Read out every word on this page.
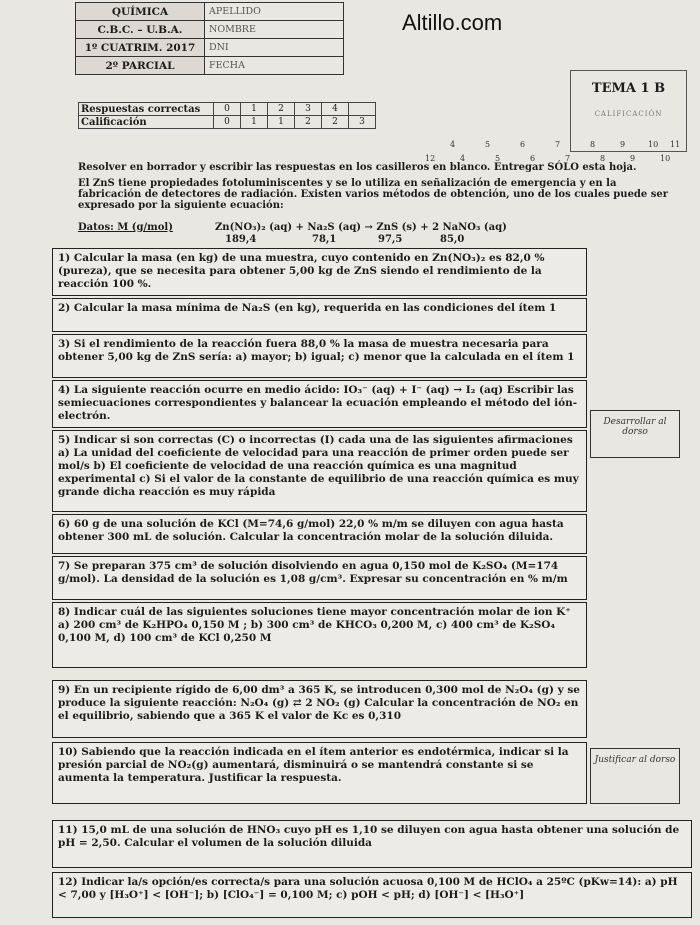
Altillo.com
QUÍMICA	APELLIDO
C.B.C. – U.B.A.	NOMBRE
1º CUATRIM. 2017	DNI
2º PARCIAL	FECHA
TEMA 1 B
CALIFICACIÓN
Respuestas correctas	0	1	2	3	4	
Calificación	0	1	1	2	2	3
4	5	6	7	8	9	10 11
12	4	5	6	7	8	9	10
Resolver en borrador y escribir las respuestas en los casilleros en blanco. Entregar SÓLO esta hoja.
El ZnS tiene propiedades fotoluminiscentes y se lo utiliza en señalización de emergencia y en la fabricación de detectores de radiación. Existen varios métodos de obtención, uno de los cuales puede ser expresado por la siguiente ecuación:
Zn(NO₃)₂ (aq) + Na₂S (aq) → ZnS (s) + 2 NaNO₃ (aq)
Datos: M (g/mol)
189,4	78,1	97,5	85,0
1) Calcular la masa (en kg) de una muestra, cuyo contenido en Zn(NO₃)₂ es 82,0 % (pureza), que se necesita para obtener 5,00 kg de ZnS siendo el rendimiento de la reacción 100 %.
2) Calcular la masa mínima de Na₂S (en kg), requerida en las condiciones del ítem 1
3) Si el rendimiento de la reacción fuera 88,0 % la masa de muestra necesaria para obtener 5,00 kg de ZnS sería: a) mayor; b) igual; c) menor que la calculada en el ítem 1
4) La siguiente reacción ocurre en medio ácido: IO₃⁻ (aq) + I⁻ (aq) → I₂ (aq) Escribir las semiecuaciones correspondientes y balancear la ecuación empleando el método del ión-electrón.	Desarrollar al dorso
5) Indicar si son correctas (C) o incorrectas (I) cada una de las siguientes afirmaciones a) La unidad del coeficiente de velocidad para una reacción de primer orden puede ser mol/s b) El coeficiente de velocidad de una reacción química es una magnitud experimental c) Si el valor de la constante de equilibrio de una reacción química es muy grande dicha reacción es muy rápida
6) 60 g de una solución de KCl (M=74,6 g/mol) 22,0 % m/m se diluyen con agua hasta obtener 300 mL de solución. Calcular la concentración molar de la solución diluida.
7) Se preparan 375 cm³ de solución disolviendo en agua 0,150 mol de K₂SO₄ (M=174 g/mol). La densidad de la solución es 1,08 g/cm³. Expresar su concentración en % m/m
8) Indicar cuál de las siguientes soluciones tiene mayor concentración molar de ion K⁺ a) 200 cm³ de K₂HPO₄ 0,150 M ; b) 300 cm³ de KHCO₃ 0,200 M, c) 400 cm³ de K₂SO₄ 0,100 M, d) 100 cm³ de KCl 0,250 M
9) En un recipiente rígido de 6,00 dm³ a 365 K, se introducen 0,300 mol de N₂O₄ (g) y se produce la siguiente reacción: N₂O₄ (g) ⇄ 2 NO₂ (g) Calcular la concentración de NO₂ en el equilibrio, sabiendo que a 365 K el valor de Kc es 0,310
10) Sabiendo que la reacción indicada en el ítem anterior es endotérmica, indicar si la presión parcial de NO₂(g) aumentará, disminuirá o se mantendrá constante si se aumenta la temperatura. Justificar la respuesta.
Justificar al dorso
11) 15,0 mL de una solución de HNO₃ cuyo pH es 1,10 se diluyen con agua hasta obtener una solución de pH = 2,50. Calcular el volumen de la solución diluida
12) Indicar la/s opción/es correcta/s para una solución acuosa 0,100 M de HClO₄ a 25ºC (pKw=14): a) pH < 7,00 y [H₃O⁺] < [OH⁻]; b) [ClO₄⁻] = 0,100 M; c) pOH < pH; d) [OH⁻] < [H₃O⁺]
